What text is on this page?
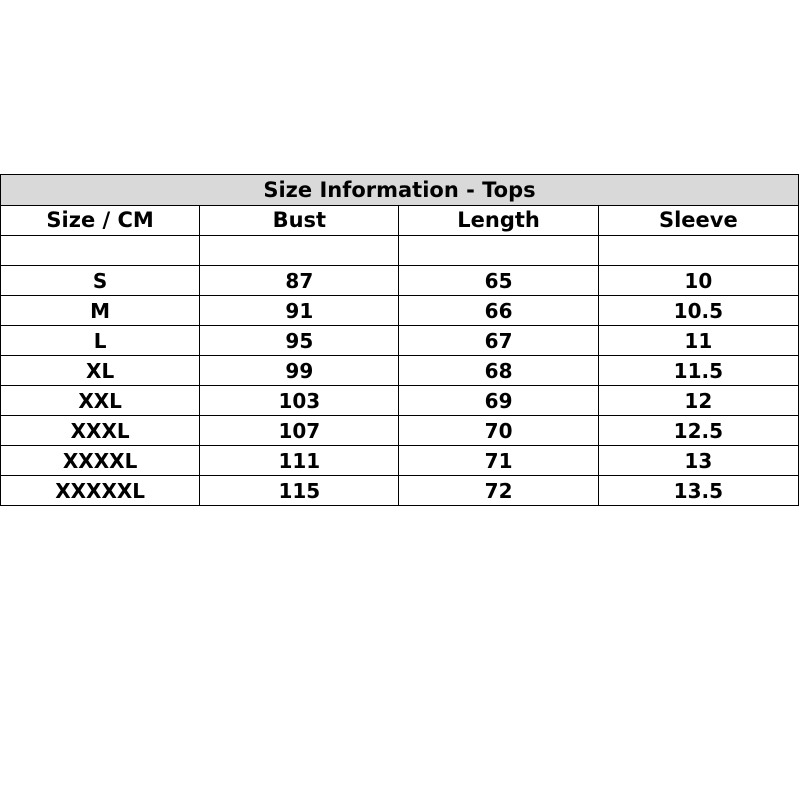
Size Information - Tops			
Size / CM	Bust	Length	Sleeve

S	87	65	10
M	91	66	10.5
L	95	67	11
XL	99	68	11.5
XXL	103	69	12
XXXL	107	70	12.5
XXXXL	111	71	13
XXXXXL	115	72	13.5
